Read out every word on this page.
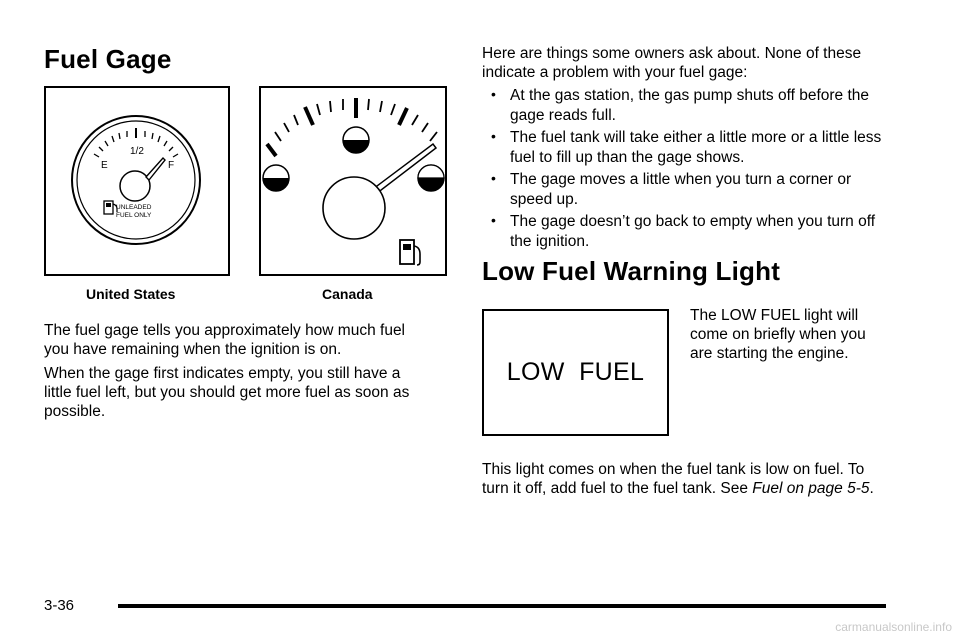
Fuel Gage
E
1/2
F
UNLEADED
FUEL ONLY
United States	Canada
The fuel gage tells you approximately how much fuel you have remaining when the ignition is on.
When the gage first indicates empty, you still have a little fuel left, but you should get more fuel as soon as possible.
Here are things some owners ask about. None of these indicate a problem with your fuel gage:
• At the gas station, the gas pump shuts off before the gage reads full.
• The fuel tank will take either a little more or a little less fuel to fill up than the gage shows.
• The gage moves a little when you turn a corner or speed up.
• The gage doesn’t go back to empty when you turn off the ignition.
Low Fuel Warning Light
LOW  FUEL
The LOW FUEL light will come on briefly when you are starting the engine.
This light comes on when the fuel tank is low on fuel. To turn it off, add fuel to the fuel tank. See Fuel on page 5-5.
3-36
carmanualsonline.info
